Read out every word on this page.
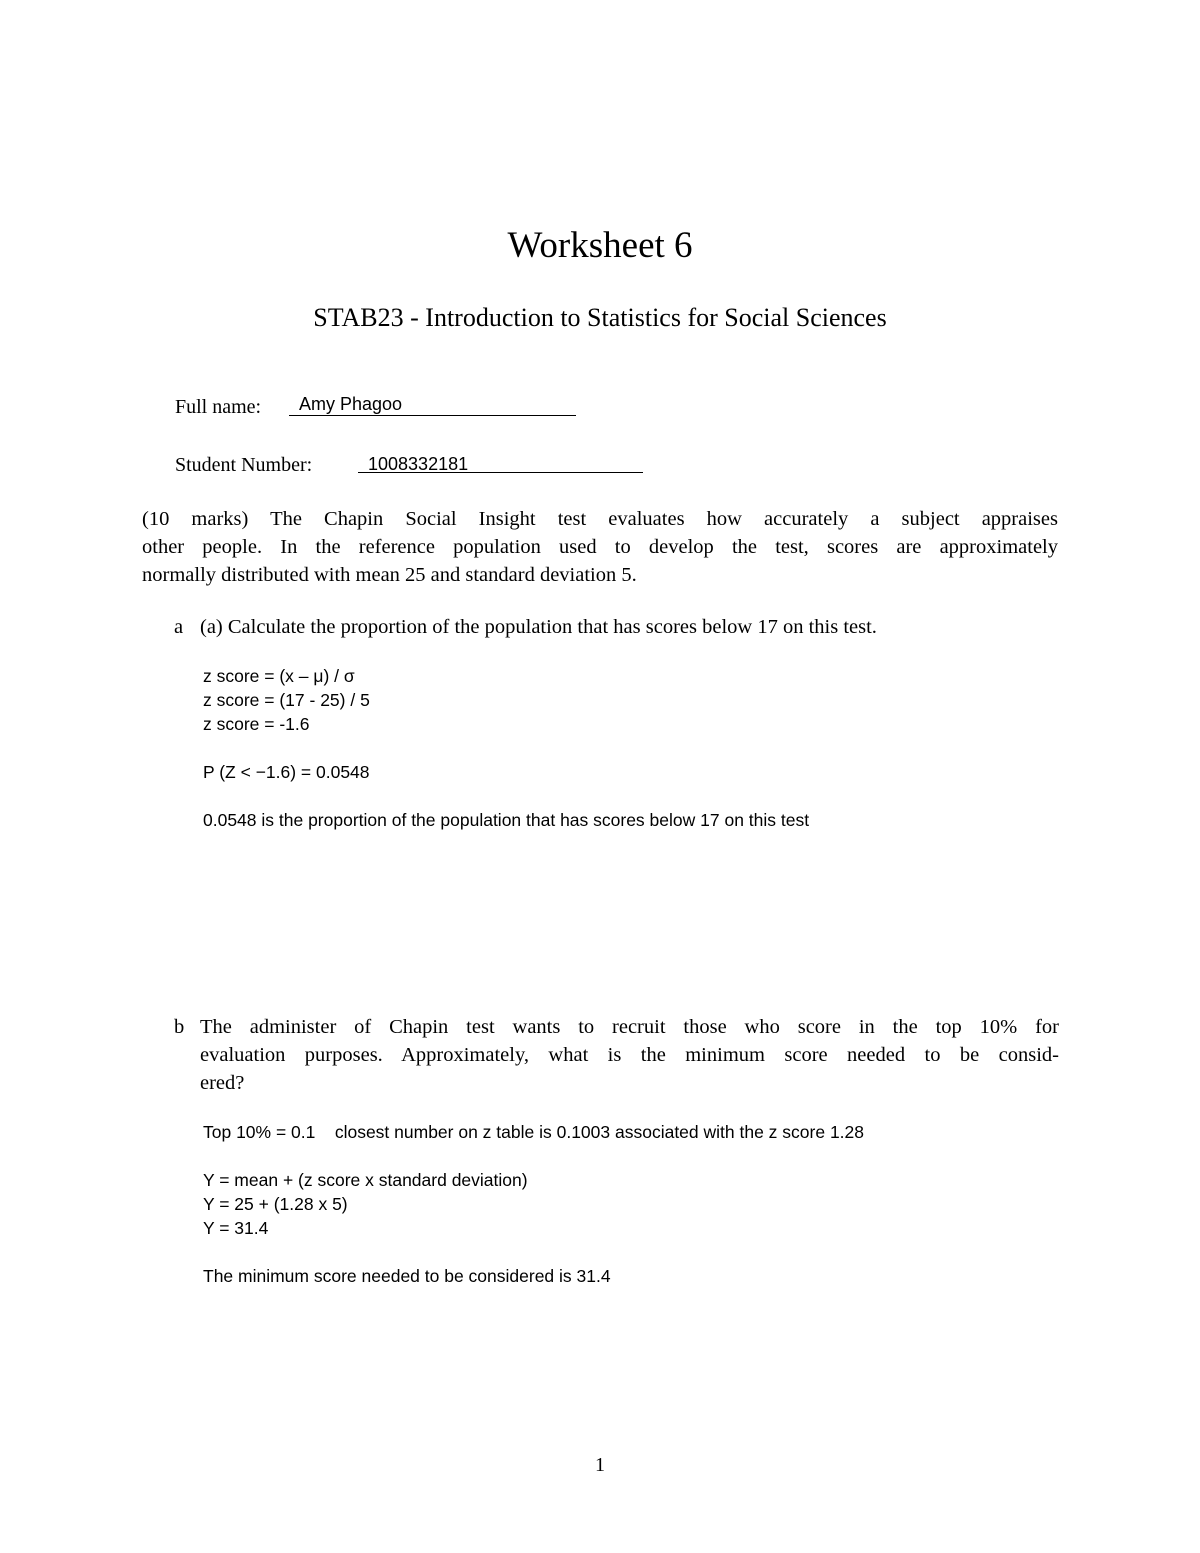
Worksheet 6
STAB23 - Introduction to Statistics for Social Sciences
Full name: Amy Phagoo
Student Number:	1008332181
(10 marks) The Chapin Social Insight test evaluates how accurately a subject appraises
other people. In the reference population used to develop the test, scores are approximately
normally distributed with mean 25 and standard deviation 5.
a (a) Calculate the proportion of the population that has scores below 17 on this test.
z score = (x – μ) / σ
z score = (17 - 25) / 5
z score = -1.6
P (Z < −1.6) = 0.0548
0.0548 is the proportion of the population that has scores below 17 on this test
b The administer of Chapin test wants to recruit those who score in the top 10% for
evaluation purposes. Approximately, what is the minimum score needed to be consid-
ered?
Top 10% = 0.1    closest number on z table is 0.1003 associated with the z score 1.28
Y = mean + (z score x standard deviation)
Y = 25 + (1.28 x 5)
Y = 31.4
The minimum score needed to be considered is 31.4
1
